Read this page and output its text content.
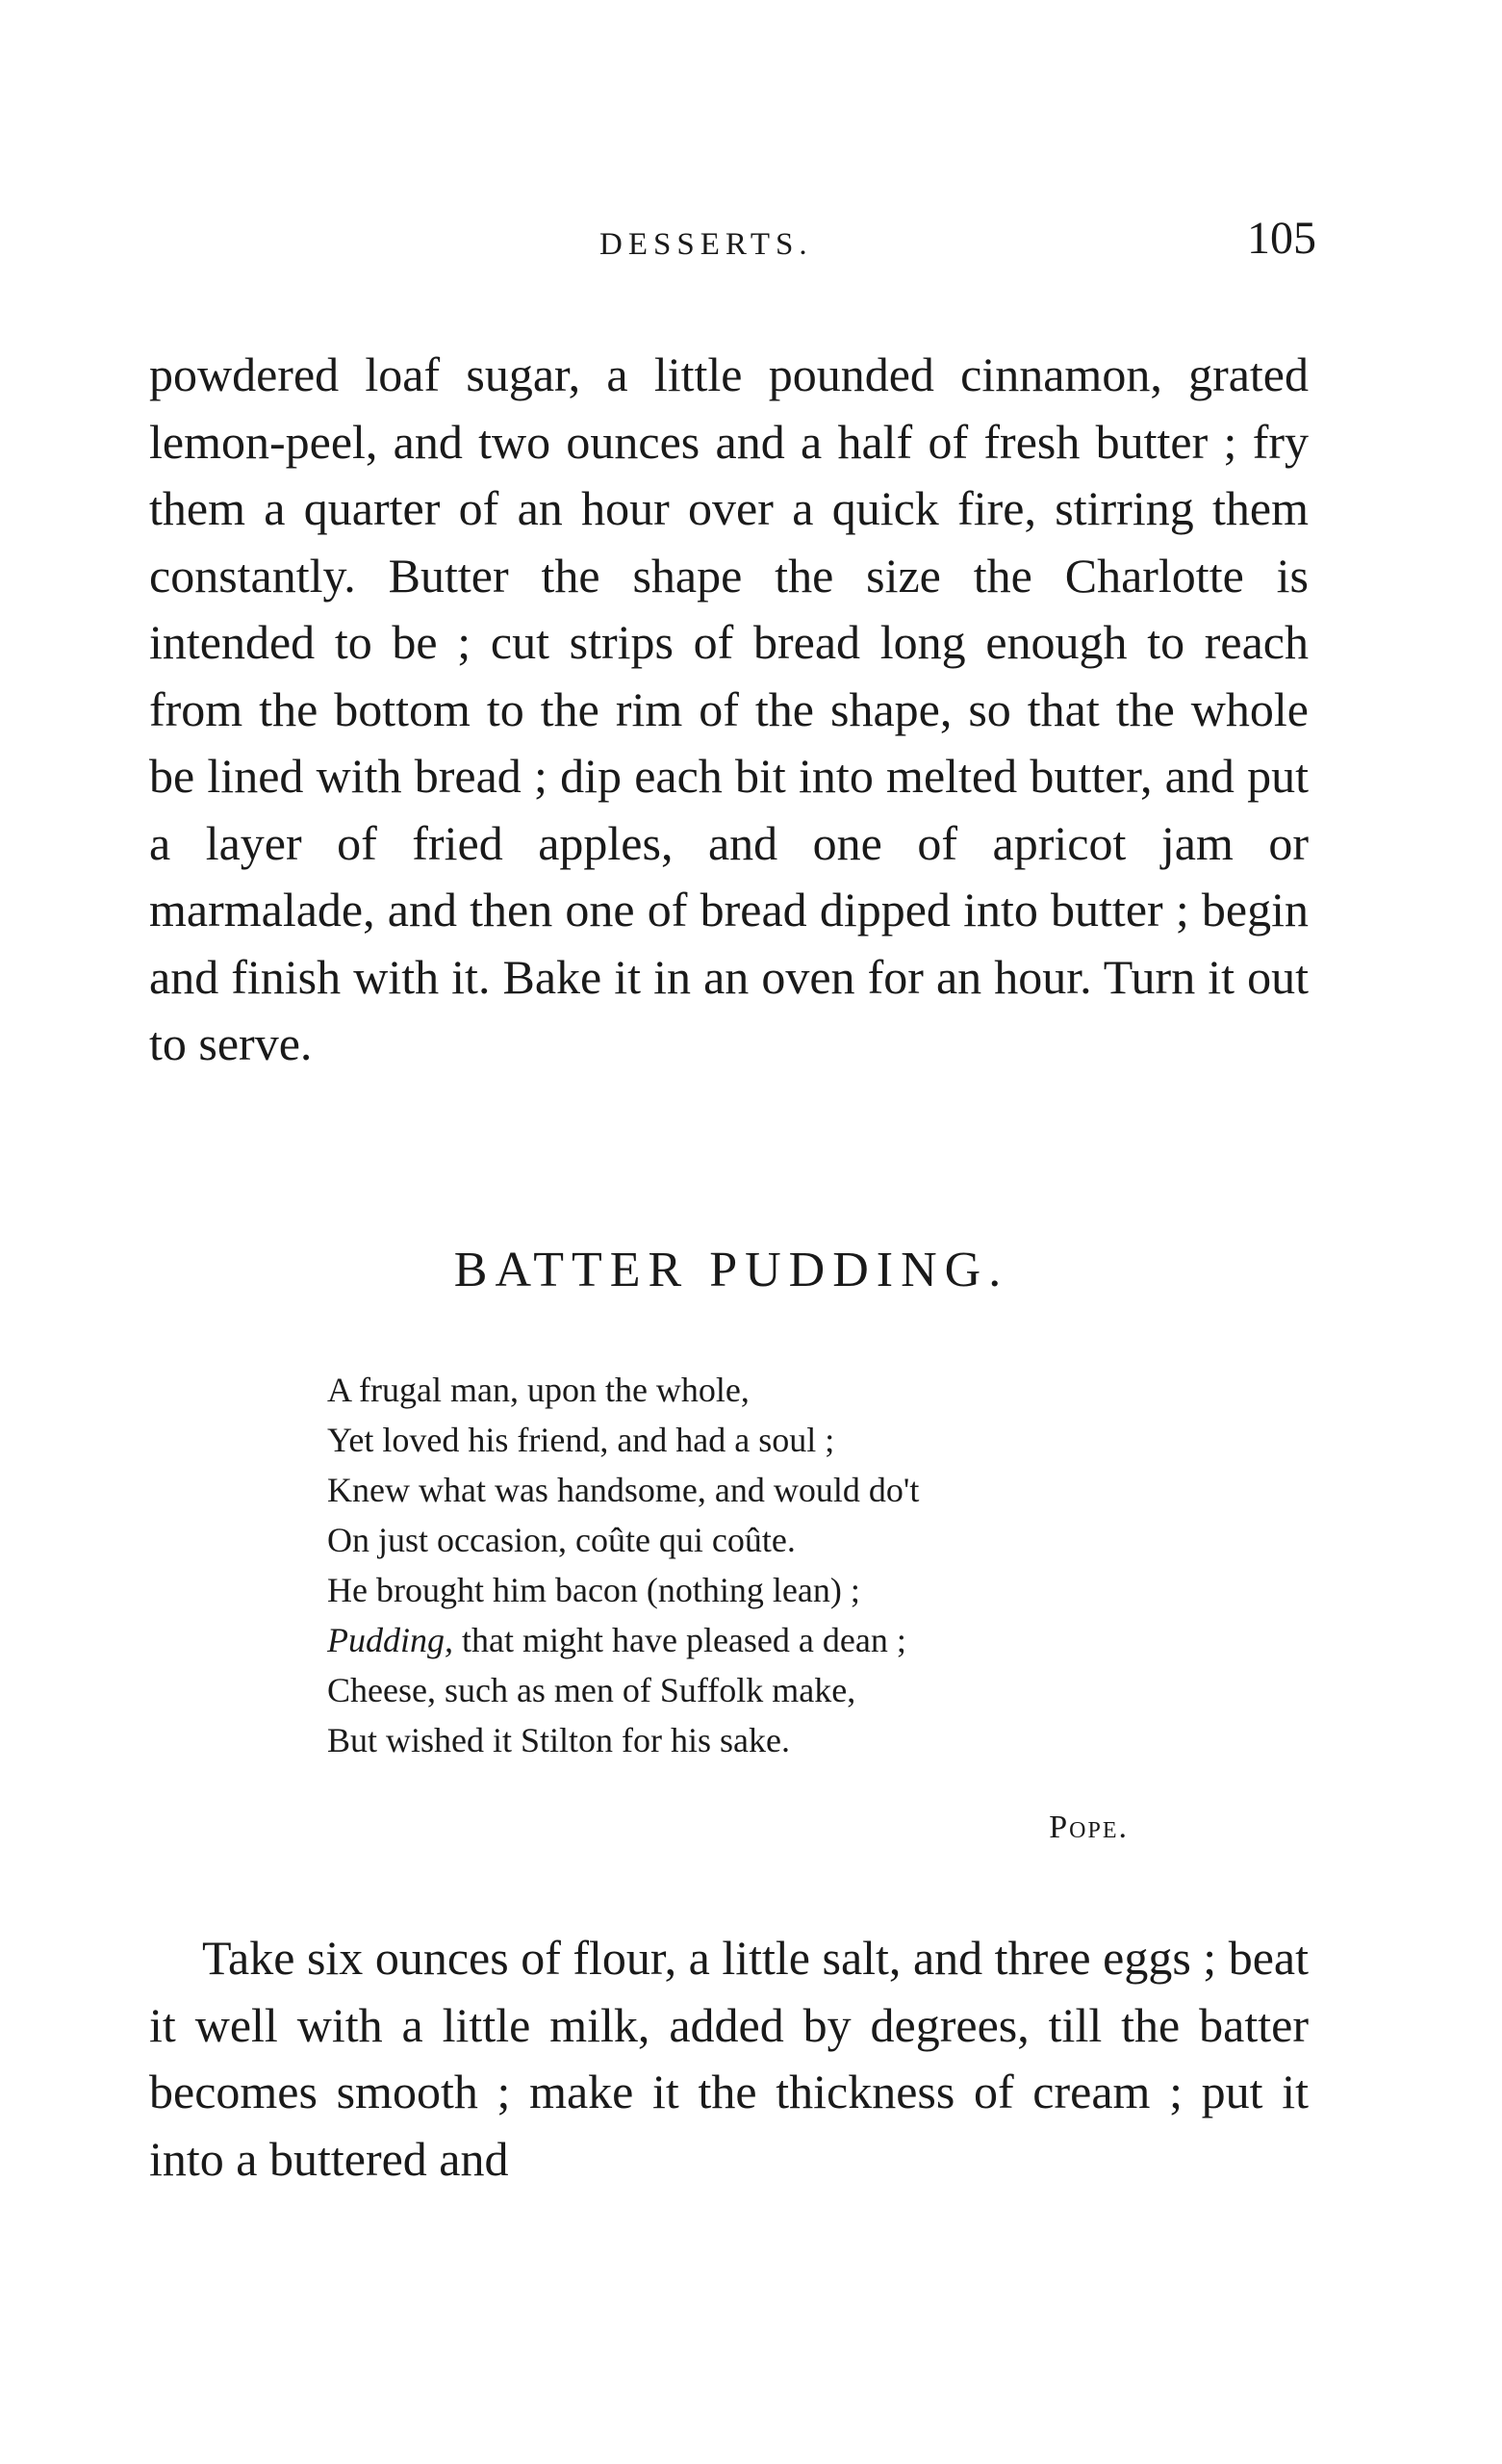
DESSERTS.	105

powdered loaf sugar, a little pounded cinnamon, grated lemon-peel, and two ounces and a half of fresh butter ; fry them a quarter of an hour over a quick fire, stirring them constantly. Butter the shape the size the Charlotte is intended to be ; cut strips of bread long enough to reach from the bottom to the rim of the shape, so that the whole be lined with bread ; dip each bit into melted butter, and put a layer of fried apples, and one of apricot jam or marmalade, and then one of bread dipped into butter ; begin and finish with it. Bake it in an oven for an hour. Turn it out to serve.

BATTER PUDDING.
A frugal man, upon the whole,
Yet loved his friend, and had a soul ;
Knew what was handsome, and would do't
On just occasion, coûte qui coûte.
He brought him bacon (nothing lean) ;
Pudding, that might have pleased a dean ;
Cheese, such as men of Suffolk make,
But wished it Stilton for his sake.
Pope.

Take six ounces of flour, a little salt, and three eggs ; beat it well with a little milk, added by degrees, till the batter becomes smooth ; make it the thickness of cream ; put it into a buttered and
